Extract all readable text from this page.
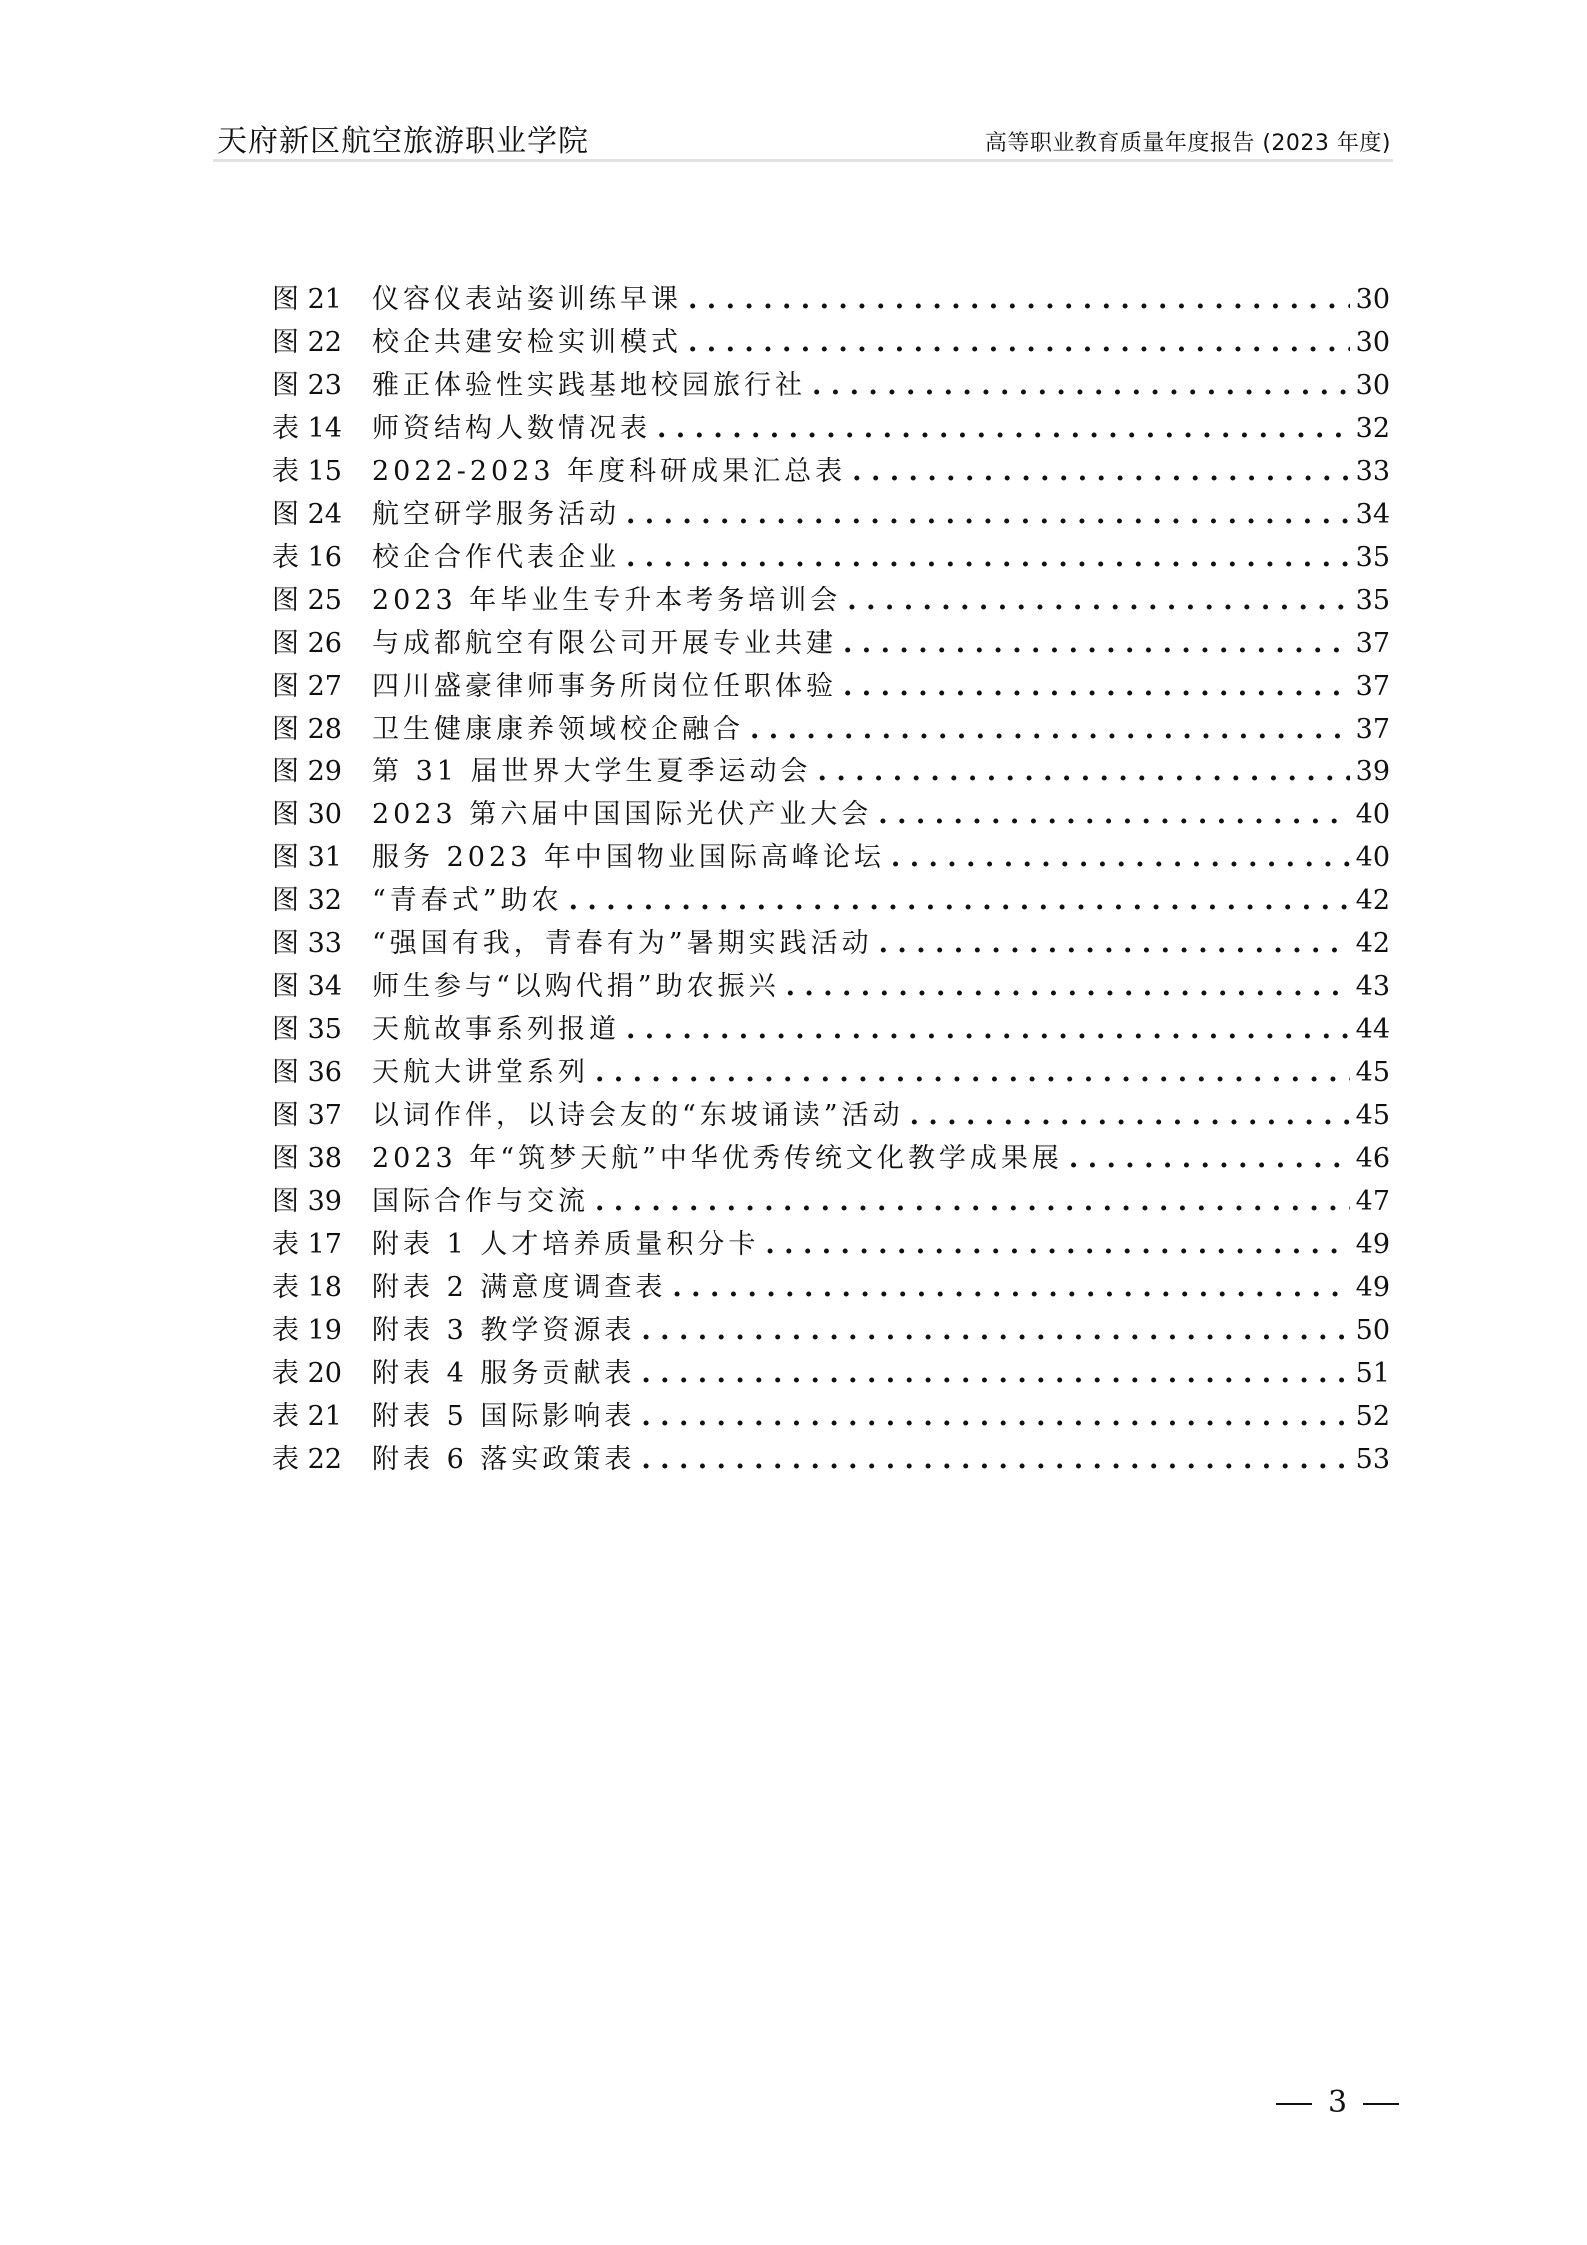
天府新区航空旅游职业学院	高等职业教育质量年度报告 (2023 年度)
图 21	仪容仪表站姿训练早课 . . .	30
图 22	校企共建安检实训模式 . . .	30
图 23	雅正体验性实践基地校园旅行社 . . .	30
表 14	师资结构人数情况表 . . .	32
表 15	2022-2023 年度科研成果汇总表 . . .	33
图 24	航空研学服务活动 . . .	34
表 16	校企合作代表企业 . . .	35
图 25	2023 年毕业生专升本考务培训会 . . .	35
图 26	与成都航空有限公司开展专业共建 . . .	37
图 27	四川盛豪律师事务所岗位任职体验 . . .	37
图 28	卫生健康康养领域校企融合 . . .	37
图 29	第 31 届世界大学生夏季运动会 . . .	39
图 30	2023 第六届中国国际光伏产业大会 . . .	40
图 31	服务 2023 年中国物业国际高峰论坛 . . .	40
图 32	“青春式”助农 . . .	42
图 33	“强国有我，青春有为”暑期实践活动 . . .	42
图 34	师生参与“以购代捐”助农振兴 . . .	43
图 35	天航故事系列报道 . . .	44
图 36	天航大讲堂系列 . . .	45
图 37	以词作伴，以诗会友的“东坡诵读”活动 . . .	45
图 38	2023 年“筑梦天航”中华优秀传统文化教学成果展 . . .	46
图 39	国际合作与交流 . . .	47
表 17	附表 1 人才培养质量积分卡 . . .	49
表 18	附表 2 满意度调查表 . . .	49
表 19	附表 3 教学资源表 . . .	50
表 20	附表 4 服务贡献表 . . .	51
表 21	附表 5 国际影响表 . . .	52
表 22	附表 6 落实政策表 . . .	53
3
